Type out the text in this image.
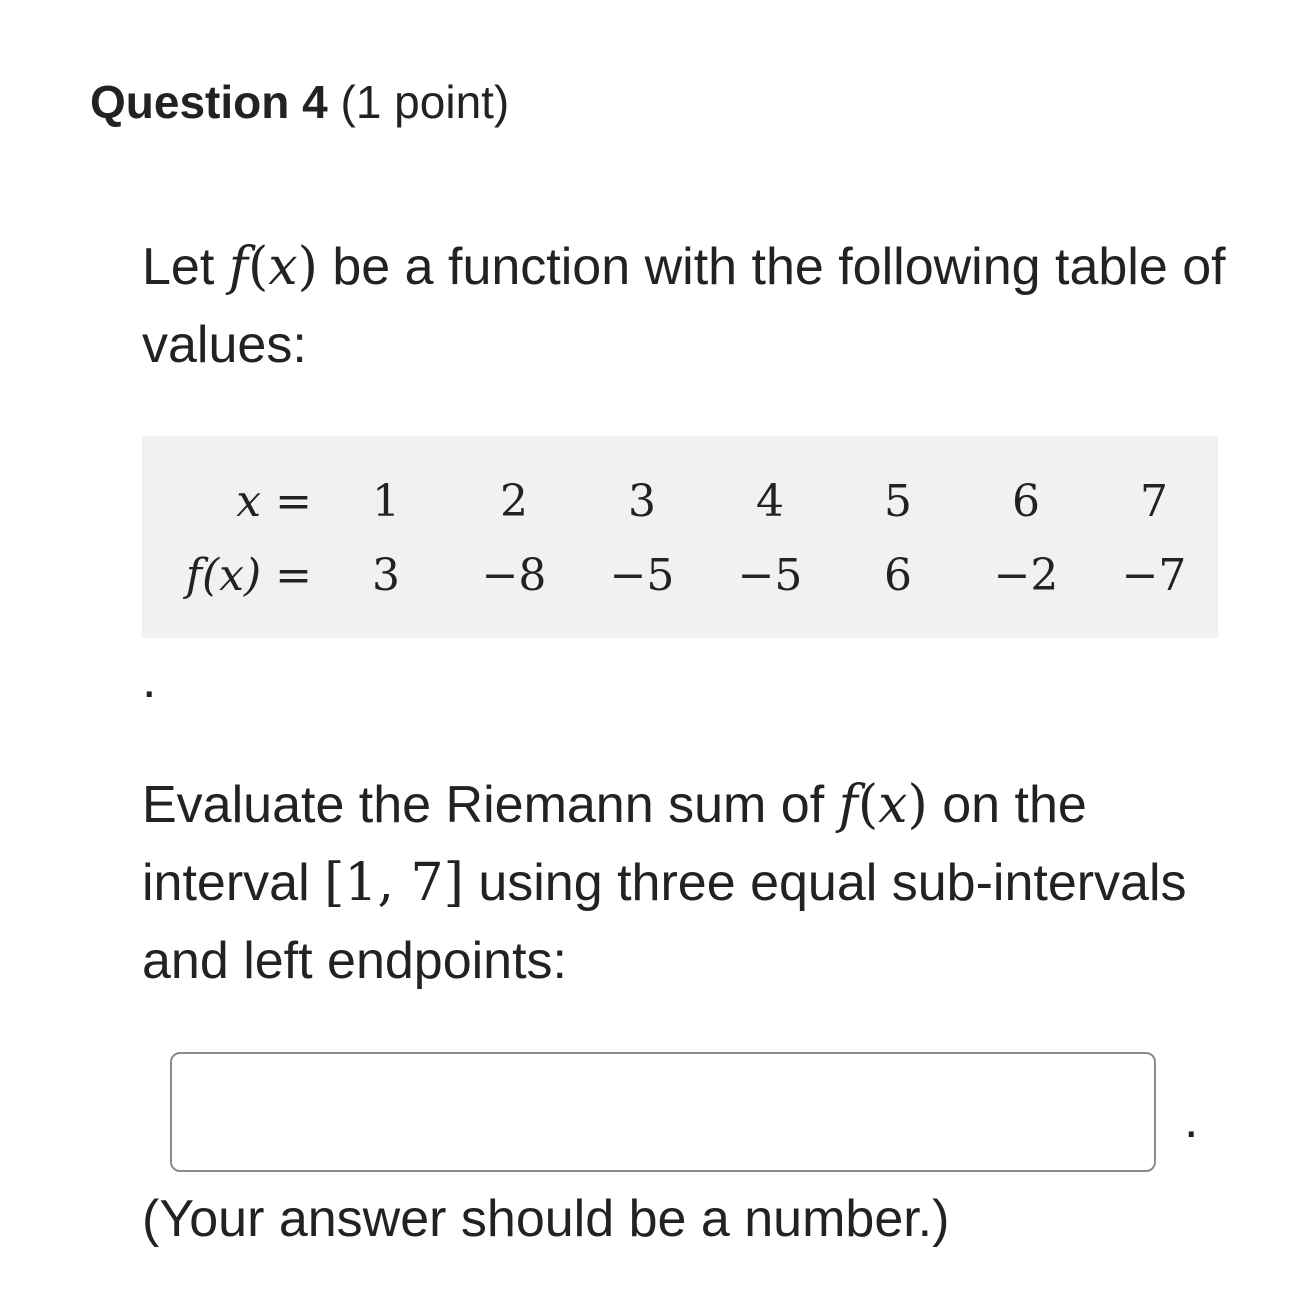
Question 4 (1 point)
Let f(x) be a function with the following table of values:
x =	1	2	3	4	5	6	7
f(x) =	3	−8	−5	−5	6	−2	−7
.
Evaluate the Riemann sum of f(x) on the interval [1, 7] using three equal sub-intervals and left endpoints:
.
(Your answer should be a number.)
